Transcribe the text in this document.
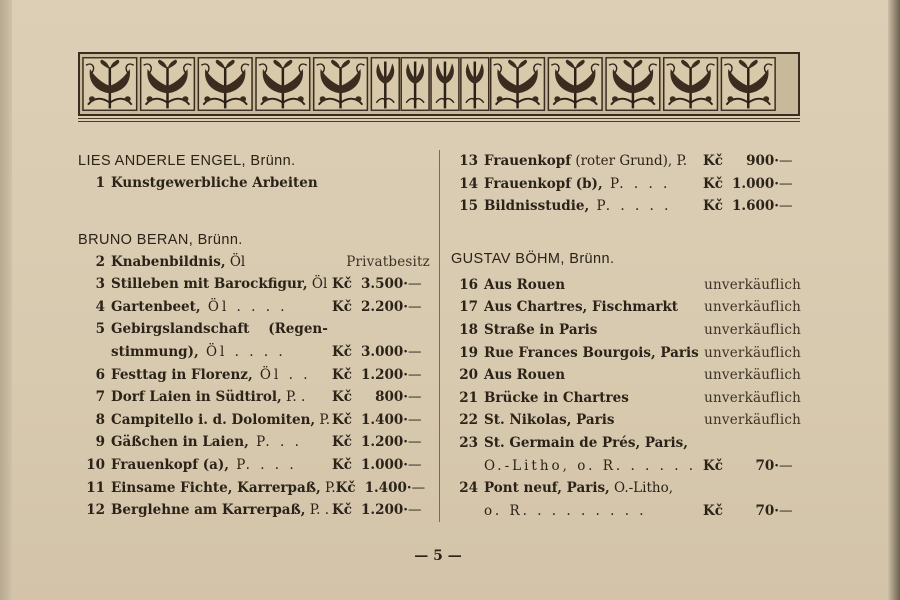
LIES ANDERLE ENGEL, Brünn.
1 Kunstgewerbliche Arbeiten
BRUNO BERAN, Brünn.
2 Knabenbildnis, Öl	Privatbesitz
3 Stilleben mit Barockfigur, Öl Kč 3.500· —
4 Gartenbeet, Öl . . . .	Kč 2.200· —
5 Gebirgslandschaft    (Regen-
stimmung), Öl . . . .	Kč 3.000· —
6 Festtag in Florenz, Öl . .	Kč 1.200· —
7 Dorf Laien in Südtirol, P. .	Kč	800· —
8 Campitello i. d. Dolomiten, P. Kč 1.400· —
9 Gäßchen in Laien, P. . .	Kč 1.200· —
10 Frauenkopf (a), P. . . .	Kč 1.000· —
11 Einsame Fichte, Karrerpaß, P. Kč 1.400· —
12 Berglehne am Karrerpaß, P. . Kč 1.200· —
13 Frauenkopf (roter Grund), P.	Kč	900· —
14 Frauenkopf (b), P. . . .	Kč 1.000· —
15 Bildnisstudie, P. . . . .	Kč 1.600· —
GUSTAV BÖHM, Brünn.
16 Aus Rouen	unverkäuflich
17 Aus Chartres, Fischmarkt	unverkäuflich
18 Straße in Paris	unverkäuflich
19 Rue Frances Bourgois, Paris unverkäuflich
20 Aus Rouen	unverkäuflich
21 Brücke in Chartres	unverkäuflich
22 St. Nikolas, Paris	unverkäuflich
23 St. Germain de Prés, Paris,
O.-Litho, o. R. . . . . . Kč	70· —
24 Pont neuf, Paris, O.-Litho,
o. R. . . . . . . . .	Kč	70· —
— 5 —
